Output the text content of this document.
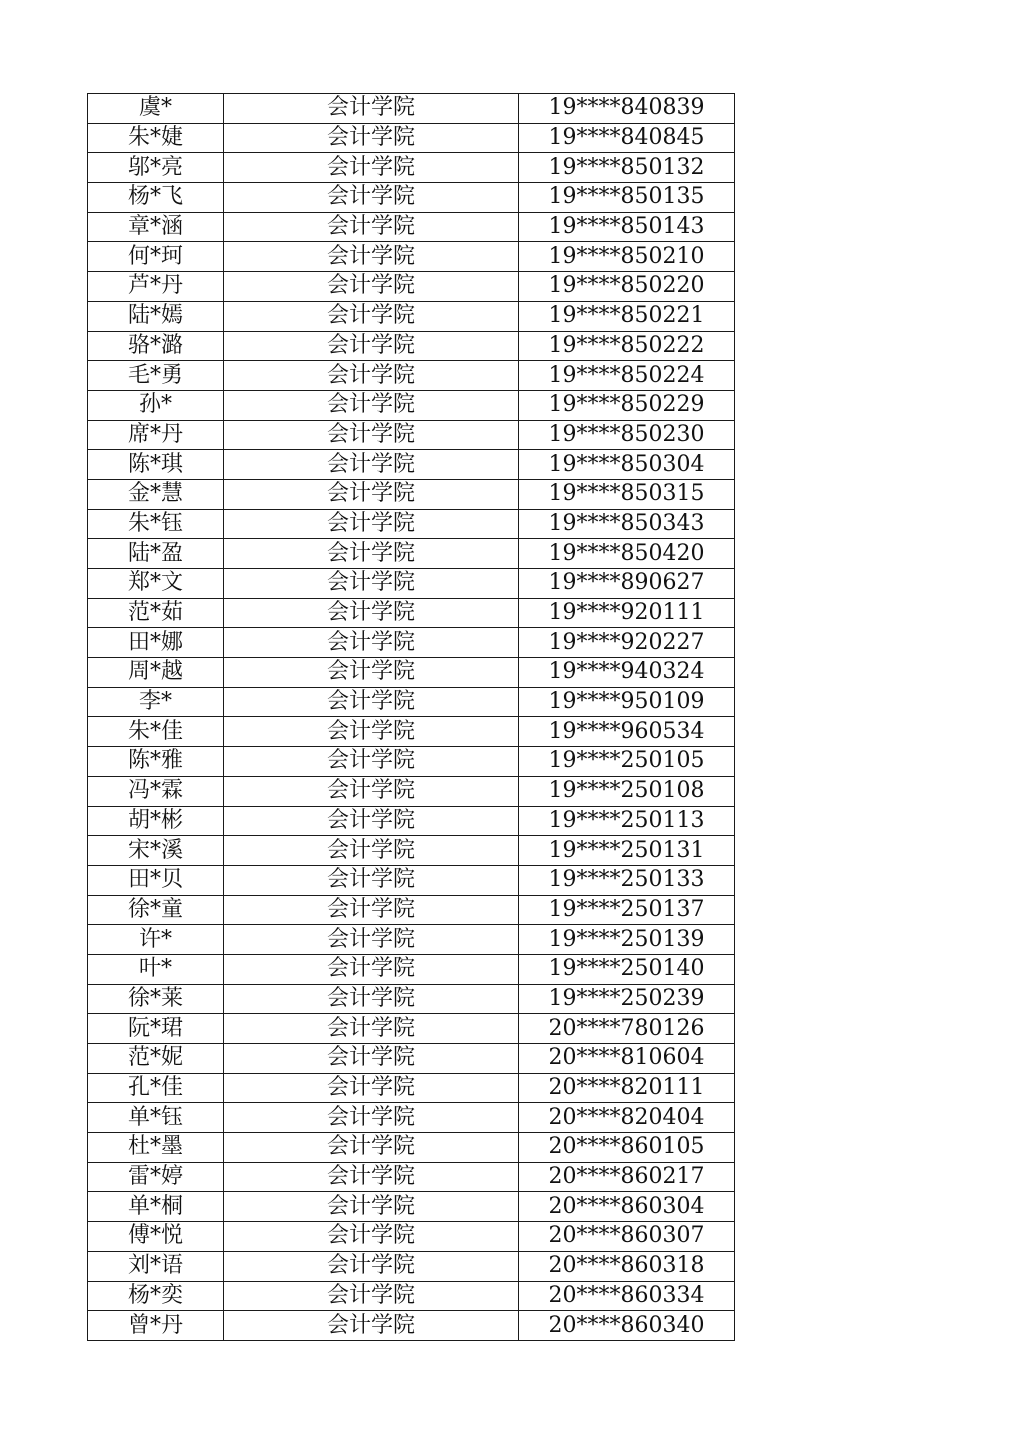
虞*	会计学院	19****840839
朱*婕	会计学院	19****840845
邬*亮	会计学院	19****850132
杨*飞	会计学院	19****850135
章*涵	会计学院	19****850143
何*珂	会计学院	19****850210
芦*丹	会计学院	19****850220
陆*嫣	会计学院	19****850221
骆*潞	会计学院	19****850222
毛*勇	会计学院	19****850224
孙*	会计学院	19****850229
席*丹	会计学院	19****850230
陈*琪	会计学院	19****850304
金*慧	会计学院	19****850315
朱*钰	会计学院	19****850343
陆*盈	会计学院	19****850420
郑*文	会计学院	19****890627
范*茹	会计学院	19****920111
田*娜	会计学院	19****920227
周*越	会计学院	19****940324
李*	会计学院	19****950109
朱*佳	会计学院	19****960534
陈*雅	会计学院	19****250105
冯*霖	会计学院	19****250108
胡*彬	会计学院	19****250113
宋*溪	会计学院	19****250131
田*贝	会计学院	19****250133
徐*童	会计学院	19****250137
许*	会计学院	19****250139
叶*	会计学院	19****250140
徐*莱	会计学院	19****250239
阮*珺	会计学院	20****780126
范*妮	会计学院	20****810604
孔*佳	会计学院	20****820111
单*钰	会计学院	20****820404
杜*墨	会计学院	20****860105
雷*婷	会计学院	20****860217
单*桐	会计学院	20****860304
傅*悦	会计学院	20****860307
刘*语	会计学院	20****860318
杨*奕	会计学院	20****860334
曾*丹	会计学院	20****860340
